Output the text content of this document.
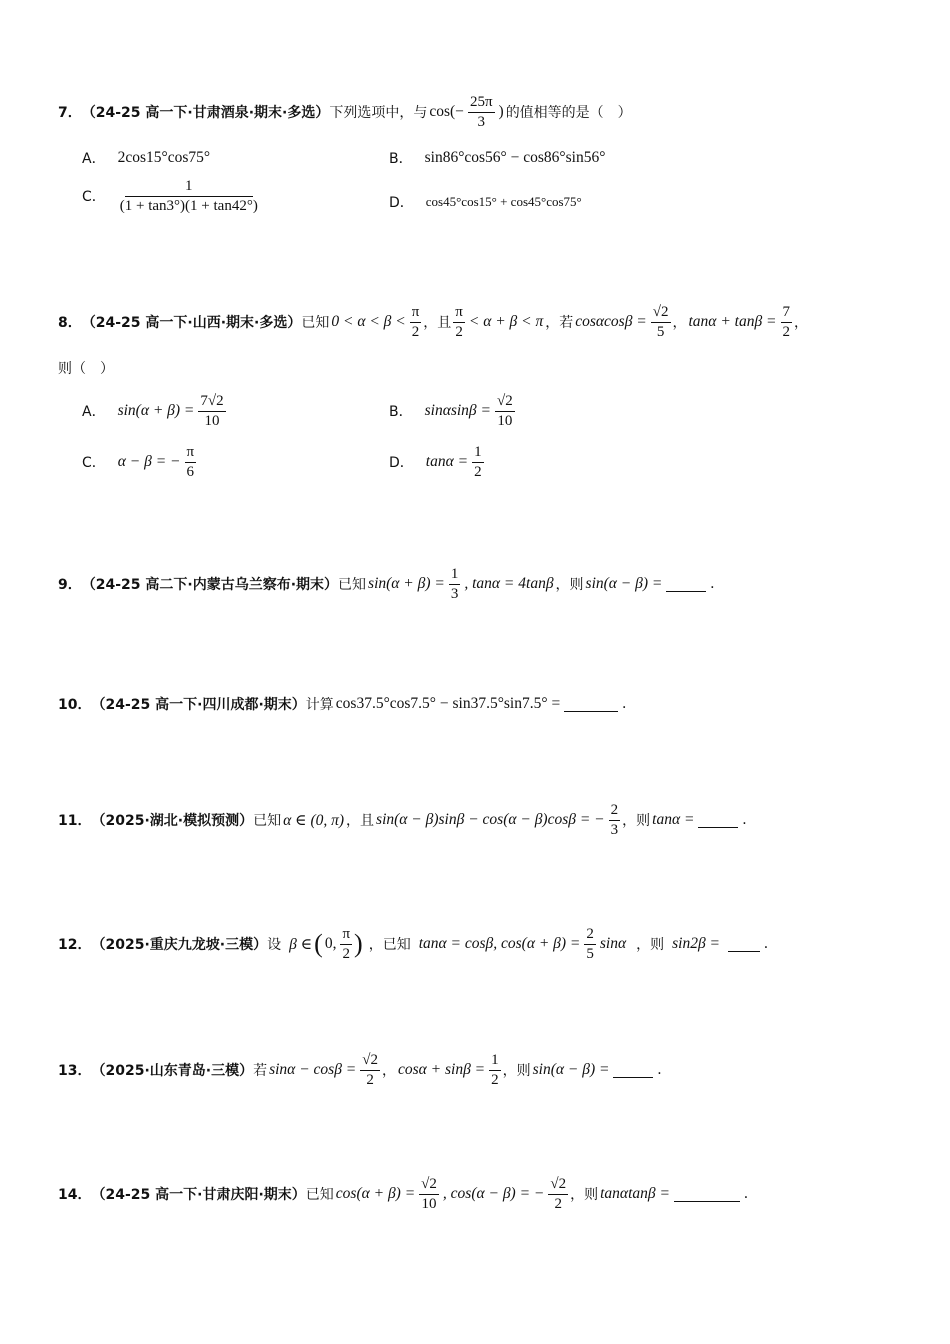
7． （24-25 高一下·甘肃酒泉·期末·多选） 下列选项中，与 $\cos(- \frac{25\pi}{3}$ ) 的值相等的是（　）
A． 2cos15°cos75°	B． sin86°cos56° − cos86°sin56°
C． $\frac{1}{(1 + \tan 3^\circ)(1 + \tan 42^\circ)}$	D． cos45°cos15° + cos45°cos75°
8． （24-25 高一下·山西·期末·多选） 已知 $0 < \alpha < \beta < \frac{\pi}{2}$ ，且 $\frac{\pi}{2} < \alpha + \beta < \pi$ ，若 $\cos\alpha\cos\beta = \frac{√2}{5}$ ， $\tan\alpha + \tan\beta = \frac{7}{2}$ ，
则（　）
A． $\sin(\alpha + \beta) = \frac{7√2}{10}$	B． $\sin\alpha\sin\beta = \frac{√2}{10}$
C． α − β = − $\frac{\pi}{6}$	D． $\tan\alpha = \frac{1}{2}$
9． （24-25 高二下·内蒙古乌兰察布·期末） 已知 $\sin(\alpha + \beta) = \frac{1}{3}$ , tanα = 4tanβ ，则 sin(α − β) =	.
10． （24-25 高一下·四川成都·期末） 计算 cos37.5°cos7.5° − sin37.5°sin7.5° =	.
11． （2025·湖北·模拟预测） 已知 α ∈ (0, π) ，且 sin(α − β)sinβ − cos(α − β)cosβ = − $\frac{2}{3}$ ，则 tanα =	.
12． （2025·重庆九龙坡·三模） 设 β ∈ ( 0, $\frac{\pi}{2}$ ) ，已知 tanα = cosβ, $\cos(\alpha + \beta) = \frac{2}{5}$ sinα ，则 sin2β =	.
13． （2025·山东青岛·三模） 若 $\sin\alpha - \cos\beta = \frac{√2}{2}$ ， $\cos\alpha + \sin\beta = \frac{1}{2}$ ，则 sin(α − β) =	.
14． （24-25 高一下·甘肃庆阳·期末） 已知 $\cos(\alpha + \beta) = \frac{√2}{10}$ , cos(α − β) = − $\frac{√2}{2}$ ，则 tanαtanβ =	.
